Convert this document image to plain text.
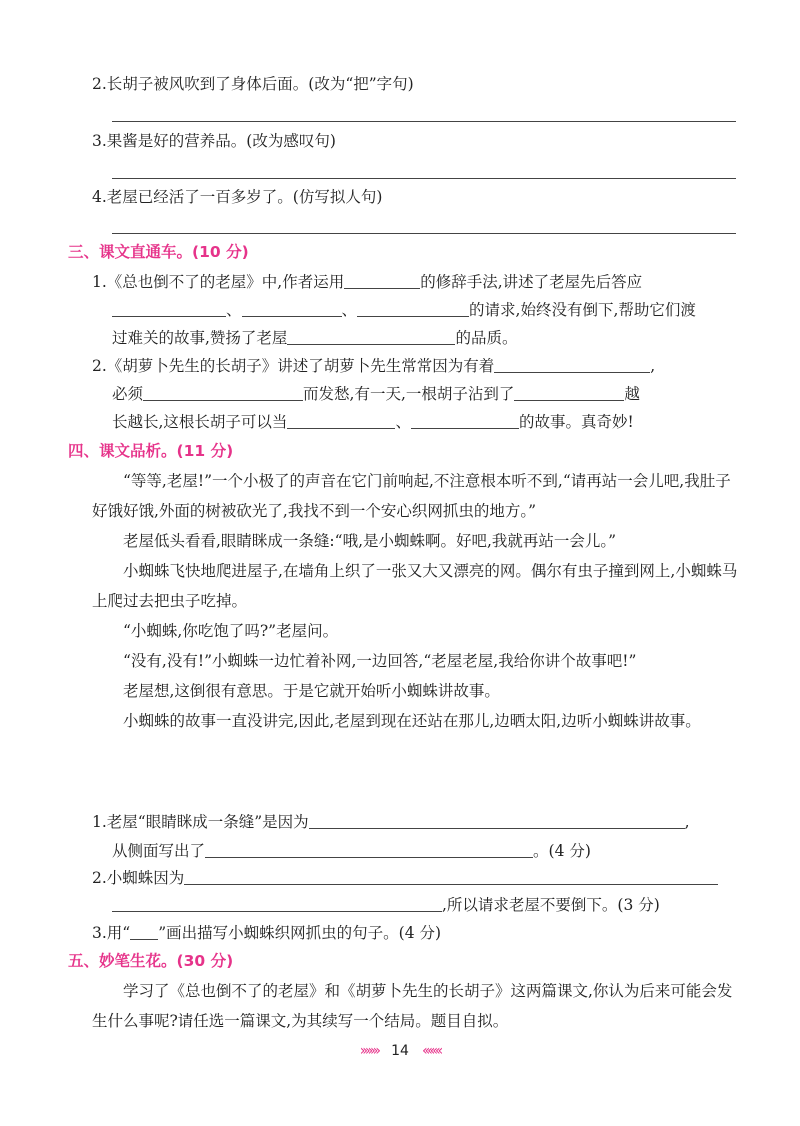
2.长胡子被风吹到了身体后面。(改为“把”字句)
3.果酱是好的营养品。(改为感叹句)
4.老屋已经活了一百多岁了。(仿写拟人句)
三、课文直通车。(10 分)
1.《总也倒不了的老屋》中,作者运用	的修辞手法,讲述了老屋先后答应
、	、	的请求,始终没有倒下,帮助它们渡
过难关的故事,赞扬了老屋	的品质。
2.《胡萝卜先生的长胡子》讲述了胡萝卜先生常常因为有着	,
必须	而发愁,有一天,一根胡子沾到了	越
长越长,这根长胡子可以当	、	的故事。真奇妙!
四、课文品析。(11 分)
“等等,老屋!”一个小极了的声音在它门前响起,不注意根本听不到,“请再站一会儿吧,我肚子好饿好饿,外面的树被砍光了,我找不到一个安心织网抓虫的地方。”
老屋低头看看,眼睛眯成一条缝:“哦,是小蜘蛛啊。好吧,我就再站一会儿。”
小蜘蛛飞快地爬进屋子,在墙角上织了一张又大又漂亮的网。偶尔有虫子撞到网上,小蜘蛛马上爬过去把虫子吃掉。
“小蜘蛛,你吃饱了吗?”老屋问。
“没有,没有!”小蜘蛛一边忙着补网,一边回答,“老屋老屋,我给你讲个故事吧!”
老屋想,这倒很有意思。于是它就开始听小蜘蛛讲故事。
小蜘蛛的故事一直没讲完,因此,老屋到现在还站在那儿,边晒太阳,边听小蜘蛛讲故事。
1.老屋“眼睛眯成一条缝”是因为	,
从侧面写出了	。(4 分)
2.小蜘蛛因为
,所以请求老屋不要倒下。(3 分)
3.用“ ”画出描写小蜘蛛织网抓虫的句子。(4 分)
五、妙笔生花。(30 分)
学习了《总也倒不了的老屋》和《胡萝卜先生的长胡子》这两篇课文,你认为后来可能会发生什么事呢?请任选一篇课文,为其续写一个结局。题目自拟。
››››››› 14 ‹‹‹‹‹‹‹
